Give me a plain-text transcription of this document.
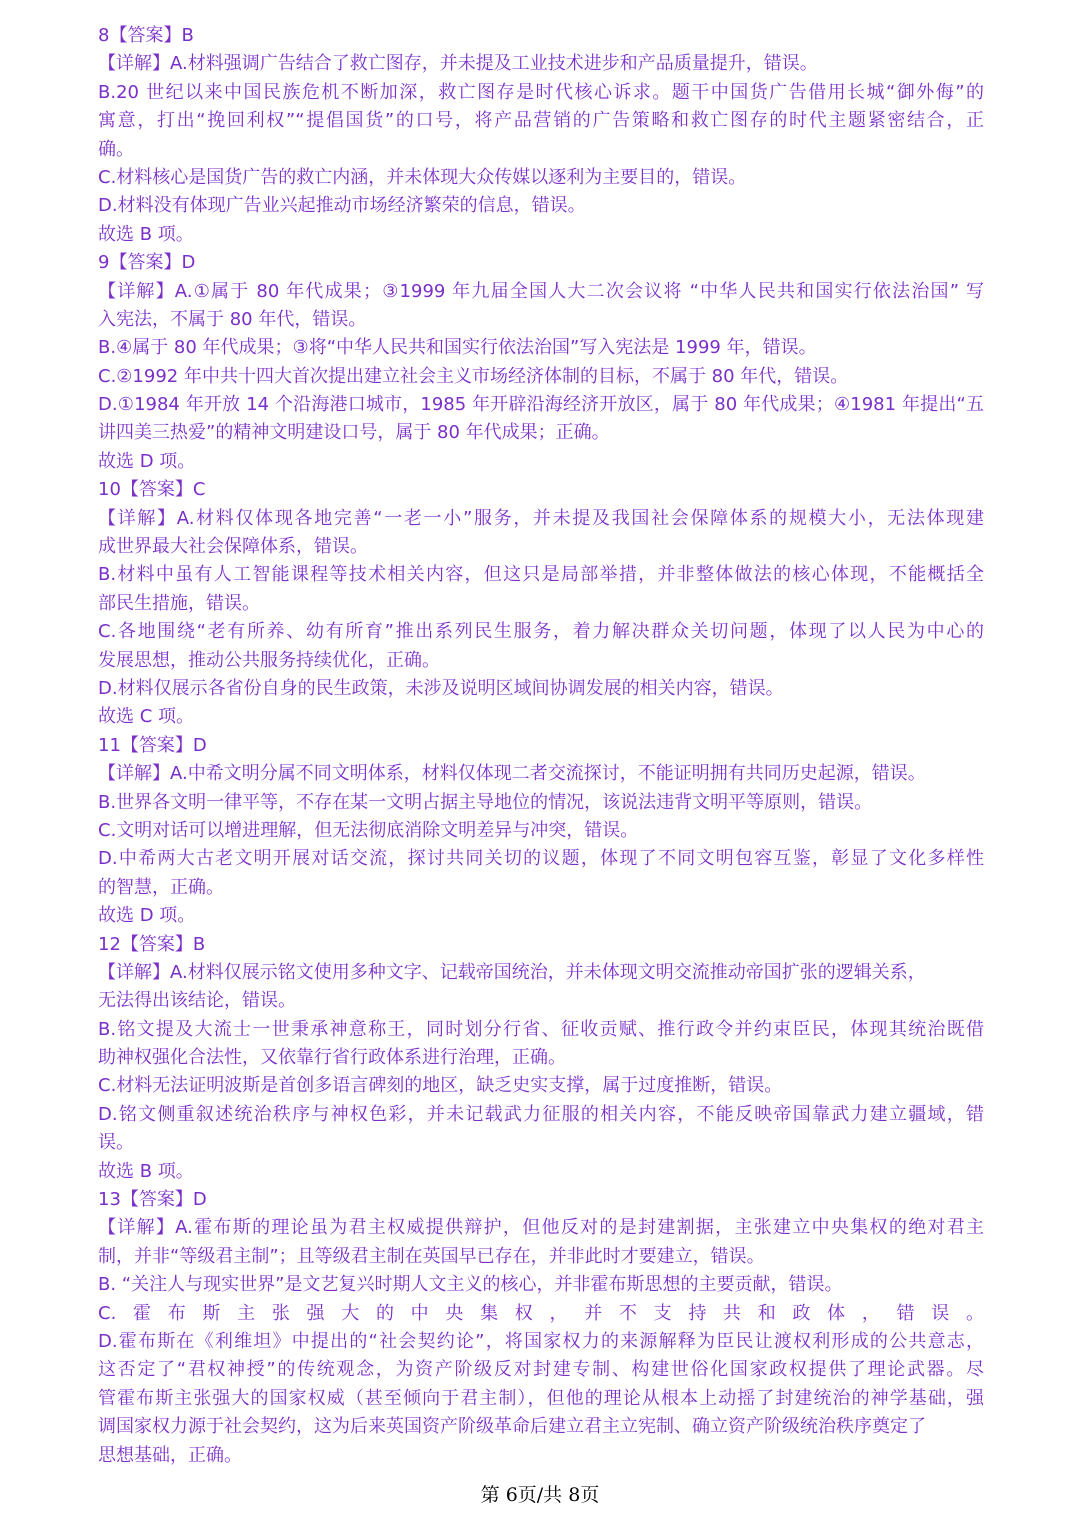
8【答案】B
【详解】A.材料强调广告结合了救亡图存，并未提及工业技术进步和产品质量提升，错误。
B.20 世纪以来中国民族危机不断加深，救亡图存是时代核心诉求。题干中国货广告借用长城“御外侮”的
寓意，打出“挽回利权”“提倡国货”的口号，将产品营销的广告策略和救亡图存的时代主题紧密结合，正
确。
C.材料核心是国货广告的救亡内涵，并未体现大众传媒以逐利为主要目的，错误。
D.材料没有体现广告业兴起推动市场经济繁荣的信息，错误。
故选 B 项。
9【答案】D
【详解】A.①属于 80 年代成果；③1999 年九届全国人大二次会议将 “中华人民共和国实行依法治国” 写
入宪法，不属于 80 年代，错误。
B.④属于 80 年代成果；③将“中华人民共和国实行依法治国”写入宪法是 1999 年，错误。
C.②1992 年中共十四大首次提出建立社会主义市场经济体制的目标，不属于 80 年代，错误。
D.①1984 年开放 14 个沿海港口城市，1985 年开辟沿海经济开放区，属于 80 年代成果；④1981 年提出“五
讲四美三热爱”的精神文明建设口号，属于 80 年代成果；正确。
故选 D 项。
10【答案】C
【详解】A.材料仅体现各地完善“一老一小”服务，并未提及我国社会保障体系的规模大小，无法体现建
成世界最大社会保障体系，错误。
B.材料中虽有人工智能课程等技术相关内容，但这只是局部举措，并非整体做法的核心体现，不能概括全
部民生措施，错误。
C.各地围绕“老有所养、幼有所育”推出系列民生服务，着力解决群众关切问题，体现了以人民为中心的
发展思想，推动公共服务持续优化，正确。
D.材料仅展示各省份自身的民生政策，未涉及说明区域间协调发展的相关内容，错误。
故选 C 项。
11【答案】D
【详解】A.中希文明分属不同文明体系，材料仅体现二者交流探讨，不能证明拥有共同历史起源，错误。
B.世界各文明一律平等，不存在某一文明占据主导地位的情况，该说法违背文明平等原则，错误。
C.文明对话可以增进理解，但无法彻底消除文明差异与冲突，错误。
D.中希两大古老文明开展对话交流，探讨共同关切的议题，体现了不同文明包容互鉴，彰显了文化多样性
的智慧，正确。
故选 D 项。
12【答案】B
【详解】A.材料仅展示铭文使用多种文字、记载帝国统治，并未体现文明交流推动帝国扩张的逻辑关系，
无法得出该结论，错误。
B.铭文提及大流士一世秉承神意称王，同时划分行省、征收贡赋、推行政令并约束臣民，体现其统治既借
助神权强化合法性，又依靠行省行政体系进行治理，正确。
C.材料无法证明波斯是首创多语言碑刻的地区，缺乏史实支撑，属于过度推断，错误。
D.铭文侧重叙述统治秩序与神权色彩，并未记载武力征服的相关内容，不能反映帝国靠武力建立疆域，错
误。
故选 B 项。
13【答案】D
【详解】A.霍布斯的理论虽为君主权威提供辩护，但他反对的是封建割据，主张建立中央集权的绝对君主
制，并非“等级君主制”；且等级君主制在英国早已存在，并非此时才要建立，错误。
B. “关注人与现实世界”是文艺复兴时期人文主义的核心，并非霍布斯思想的主要贡献，错误。
C.霍布斯主张强大的中央集权，并不支持共和政体，错误。
D.霍布斯在《利维坦》中提出的“社会契约论”，将国家权力的来源解释为臣民让渡权利形成的公共意志，
这否定了“君权神授”的传统观念，为资产阶级反对封建专制、构建世俗化国家政权提供了理论武器。尽
管霍布斯主张强大的国家权威（甚至倾向于君主制），但他的理论从根本上动摇了封建统治的神学基础，强
调国家权力源于社会契约，这为后来英国资产阶级革命后建立君主立宪制、确立资产阶级统治秩序奠定了
思想基础，正确。
第 6页/共 8页
